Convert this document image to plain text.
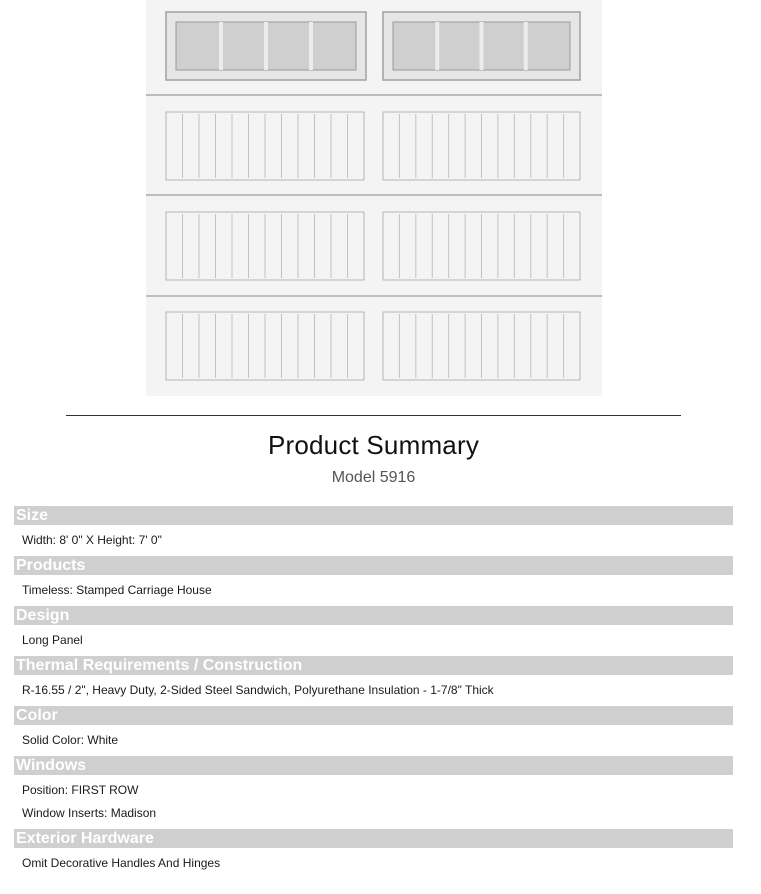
Product Summary
Model 5916
Size
Width: 8' 0" X Height: 7' 0"
Products
Timeless: Stamped Carriage House
Design
Long Panel
Thermal Requirements / Construction
R-16.55 / 2", Heavy Duty, 2-Sided Steel Sandwich, Polyurethane Insulation - 1-7/8" Thick
Color
Solid Color: White
Windows
Position: FIRST ROW
Window Inserts: Madison
Exterior Hardware
Omit Decorative Handles And Hinges
